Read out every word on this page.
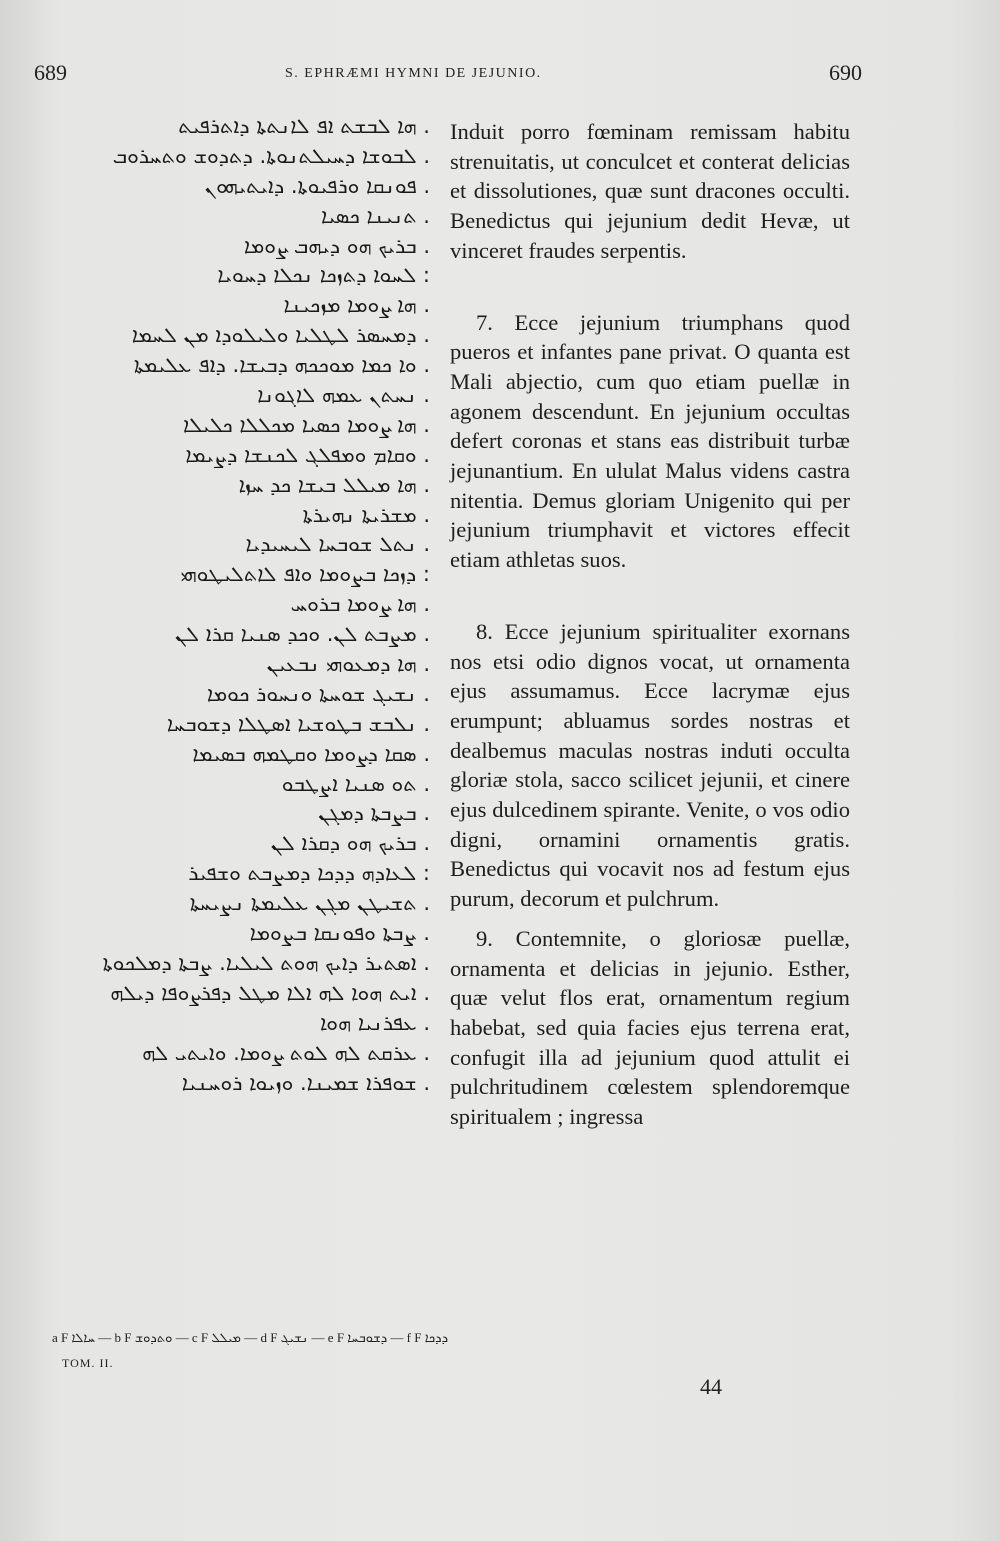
689	S. EPHRÆMI HYMNI DE JEJUNIO.	690
. ܗܐ ܠܒܫܬ ܐܦ ܠܐܢܬܬܐ ܕܐܬܪܦܝܬ
. ܠܒܘܫܐ ܕܚܝܠܬܢܘܬܐ. ܕܬܕܘܫ ܘܬܚܪܘܒ
. ܦܘܢܩܐ ܘܪܦܝܘܬܐ. ܕܐܝܬܝܗܘܢ
. ܬܢܝܢܐ ܟܣܝܐ
. ܒܪܝܟ ܗܘ ܕܝܗܒ ܨܘܡܐ
: ܠܚܘܐ ܕܬܙܟܐ ܢܟܠܐ ܕܚܘܝܐ
. ܗܐ ܨܘܡܐ ܡܙܟܝܢܐ
. ܕܡܚܣܪ ܠܛܠܝܐ ܘܠܝܠܘܕܐ ܡܢ ܠܚܡܐ
. ܘܐ ܟܡܐ ܡܘܟܟܗ ܕܒܝܫܐ. ܕܐܦ ܥܠܝܡܬܐ
. ܢܚܬܢ ܥܡܗ ܠܐܓܘܢܐ
. ܗܐ ܨܘܡܐ ܟܣܝܐ ܡܟܠܠܐ ܟܠܝܠܐ
. ܘܩܐܡ ܘܡܦܠܓ ܠܟܢܫܐ ܕܨܝܡܐ
. ܗܐ ܡܝܠܠ ܒܝܫܐ ܟܕ ܚܙܐ
. ܡܫܪܝܬܐ ܢܗܝܪܬܐ
. ܢܬܠ ܫܘܒܚܐ ܠܝܚܝܕܝܐ
: ܕܙܟܐ ܒܨܘܡܐ ܘܐܦ ܠܐܬܠܝܛܘܗܝ
. ܗܐ ܨܘܡܐ ܒܪܘܚ
. ܡܨܒܬ ܠܢ. ܘܟܕ ܣܢܝܐ ܩܪܐ ܠܢ
. ܗܐ ܕܡܥܘܗܝ ܢܒܥܝܢ
. ܢܫܝܓ ܫܘܚܬܐ ܘܢܚܘܪ ܟܘܡܐ
. ܢܠܒܫ ܒܛܘܫܝܐ ܐܣܛܠܐ ܕܫܘܒܚܐ
. ܣܩܐ ܕܨܘܡܐ ܘܩܛܡܗ ܒܣܝܡܐ
. ܬܘ ܣܢܝܐ ܐܨܛܒܘ
. ܒܨܒܬܐ ܕܡܓܢ
. ܒܪܝܟ ܗܘ ܕܩܪܐ ܠܢ
: ܠܥܐܕܗ ܕܕܟܐ ܕܡܨܒܬ ܘܫܦܝܪ
. ܬܫܝܛܢ ܡܓܢ ܥܠܝܡܬܐ ܢܨܝܚܬܐ
. ܨܒܬܐ ܘܦܘܢܩܐ ܒܨܘܡܐ
. ܐܣܬܝܪ ܕܐܝܟ ܗܘܬ ܠܝܠܝܐ. ܨܒܬܐ ܕܡܠܟܘܬܐ
. ܐܝܬ ܗܘܐ ܠܗ ܐܠܐ ܡܛܠ ܕܦܪܨܘܦܐ ܕܝܠܗ
. ܥܦܪܢܝܐ ܗܘܐ
. ܥܪܩܬ ܠܗ ܠܘܬ ܨܘܡܐ. ܘܐܝܬܝ ܠܗ
. ܫܘܦܪܐ ܫܡܝܢܐ. ܘܙܝܘܐ ܪܘܚܢܝܐ

Induit porro fœminam remissam habitu strenuitatis, ut conculcet et conterat delicias et dissolutiones, quæ sunt dracones occulti. Benedictus qui jejunium dedit Hevæ, ut vinceret fraudes serpentis.

7. Ecce jejunium triumphans quod pueros et infantes pane privat. O quanta est Mali abjectio, cum quo etiam puellæ in agonem descendunt. En jejunium occultas defert coronas et stans eas distribuit turbæ jejunantium. En ululat Malus videns castra nitentia. Demus gloriam Unigenito qui per jejunium triumphavit et victores effecit etiam athletas suos.

8. Ecce jejunium spiritualiter exornans nos etsi odio dignos vocat, ut ornamenta ejus assumamus. Ecce lacrymæ ejus erumpunt; abluamus sordes nostras et dealbemus maculas nostras induti occulta gloriæ stola, sacco scilicet jejunii, et cinere ejus dulcedinem spirante. Venite, o vos odio digni, ornamini ornamentis gratis. Benedictus qui vocavit nos ad festum ejus purum, decorum et pulchrum.

9. Contemnite, o gloriosæ puellæ, ornamenta et delicias in jejunio. Esther, quæ velut flos erat, ornamentum regium habebat, sed quia facies ejus terrena erat, confugit illa ad jejunium quod attulit ei pulchritudinem cœlestem splendoremque spiritualem ; ingressa

a F ܚܐܠܐ — b F ܘܬܕܘܫ — c F ܡܝܠܠ — d F ܢܫܝܓ — e F ܕܫܘܒܚܐ — f F ܕܕܟܐ
TOM. II.
44
